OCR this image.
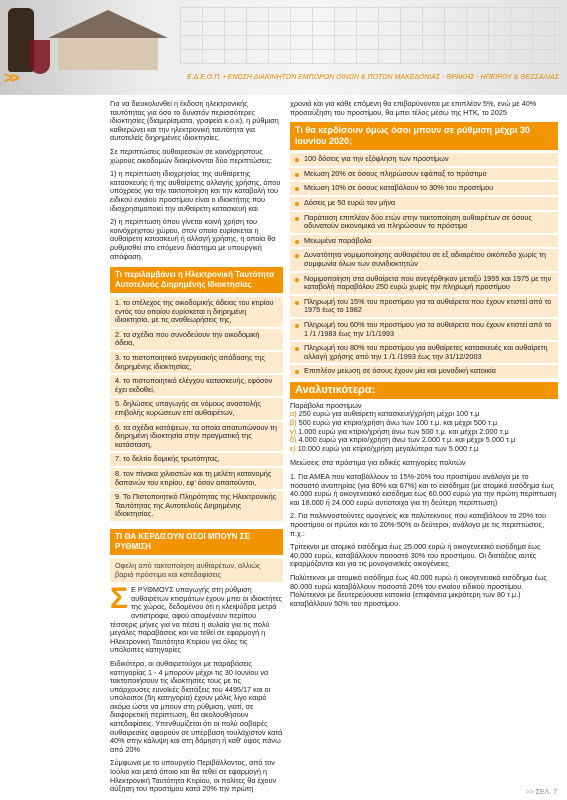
>>	Ε.Δ.Ε.Ο.Π. • ΕΝΩΣΗ ΔΙΑΚΙΝΗΤΩΝ ΕΜΠΟΡΩΝ ΟΙΝΩΝ & ΠΟΤΩΝ ΜΑΚΕΔΟΝΙΑΣ - ΘΡΑΚΗΣ - ΗΠΕΙΡΟΥ & ΘΕΣΣΑΛΙΑΣ

Για να διευκολυνθεί η έκδοση ηλεκτρονικής ταυτότητας για όσο το δυνατόν περισσότερες ιδιοκτησίες (διαμερίσματα, γραφεία κ.ο.κ), η ρύθμιση καθιερώνει και την ηλεκτρονική ταυτότητα για αυτοτελείς διηρημένες ιδιοκτησίες.

Σε περιπτώσεις αυθαιρεσιών σε κοινόχρηστους χώρους οικοδομών διακρίνονται δύο περιπτώσεις:

1) η περίπτωση ιδιοχρησίας της αυθαίρετης κατασκευής ή της αυθαίρετης αλλαγής χρήσης, όπου υπόχρεος για την τακτοποίηση και την καταβολή του ειδικού ενιαίου προστίμου είναι ο ιδιοκτήτης που ιδιοχρησιμοποιεί την αυθαίρετη κατασκευή και

2) η περίπτωση όπου γίνεται κοινή χρήση του κοινόχρηστου χώρου, στον οποίο ευρίσκεται η αυθαίρετη κατασκευή ή αλλαγή χρήσης, η οποία θα ρυθμισθεί στο επόμενο διάστημα με υπουργική απόφαση.

Τι περιλαμβάνει η Ηλεκτρονική Ταυτότητα Αυτοτελούς Διηρημένης Ιδιοκτησίας
1. το στέλεχος της οικοδομικής άδειας του κτιρίου εντός του οποίου ευρίσκεται η διηρημένη ιδιοκτησία, με τις αναθεωρήσεις της,
2. τα σχέδια που συνοδεύουν την οικοδομική άδεια,
3. το πιστοποιητικό ενεργειακής απόδοσης της διηρημένης ιδιοκτησίας,
4. το πιστοποιητικό ελέγχου κατασκευής, εφόσον έχει εκδοθεί,
5. δηλώσεις υπαγωγής σε νόμους αναστολής επιβολής κυρώσεων επί αυθαιρέτων,
6. τα σχέδια κατόψεων, τα οποία αποτυπώνουν τη διηρημένη ιδιοκτησία στην πραγματική της κατάσταση,
7. το δελτίο δομικής τρωτότητας,
8. τον πίνακα χιλιοστών και τη μελέτη κατανομής δαπανών του κτιρίου, εφ’ όσον απαιτούνται,
9. Το Πιστοποιητικό Πληρότητας της Ηλεκτρονικής Ταυτότητας της Αυτοτελούς Διηρημένης Ιδιοκτησίας.
ΤΙ ΘΑ ΚΕΡΔΙΣΟΥΝ ΟΣΟΙ ΜΠΟΥΝ ΣΕ ΡΥΘΜΙΣΗ
Οφελη από τακτοποίηση αυθαιρέτων, αλλιώς βαριά πρόστιμα και κατεδαφίσεις

Σ Ε ΡΥΘΜΟΥΣ υπαγωγής στη ρύθμιση αυθαιρέτων κτισμάτων έχουν μπει οι ιδιοκτήτες της χώρας, δεδομένου ότι η κλειψύδρα μετρά αντίστροφα, αφού απομένουν περίπου τέσσερις μήνες για να πέσει η αυλαία για τις πολύ μεγάλες παραβάσεις και να τεθεί σε εφαρμογή η Ηλεκτρονική Ταυτότητα Κτιρίου για όλες τις υπόλοιπες κατηγορίες

Ειδικότερα, οι αυθαιρετούχοι με παραβάσεις κατηγορίας 1 - 4 μπορούν μέχρι τις 30 Ιουνίου να τακτοποιήσουν τις ιδιοκτησίες τους με τις υπάρχουσες ευνοϊκές διατάξεις του 4495/17 και οι υπόλοιποι (5η κατηγορία) έχουν μόλις λίγο καιρό ακόμα ώστε να μπουν στη ρύθμιση, γιατί, σε διαφορετική περίπτωση, θα ακολουθήσουν κατεδαφίσεις. Υπενθυμίζεται ότι οι πολύ σοβαρές αυθαιρεσίες αφορούν σε υπέρβαση τουλάχιστον κατά 40% στην κάλυψη και στη δόμηση ή καθ' ύψος πάνω από 20%

Σύμφωνα με το υπουργείο Περιβάλλοντος, από τον Ιούλιο και μετά όποιο και θα τεθεί σε εφαρμογή η Ηλεκτρονική Ταυτότητα Κτιρίου, οι πολίτες θα έχουν αύξηση του προστίμου κατά 20% την πρώτη

χρονιά και για κάθε επόμενη θα επιβαρύνονται με επιπλέον 5%, ενώ με 40% προσαύξηση του προστίμου, θα μπει τέλος μέσω της ΗΤΚ, το 2025

Τι θα κερδίσουν όμως όσοι μπουν σε ρύθμιση μέχρι 30 Ιουνίου 2020;
100 δόσεις για την εξόφληση των προστίμων
Μείωση 20% σε όσους πληρώσουν εφάπαξ το πρόστιμο
Μείωση 10% σε όσους καταβάλουν το 30% του προστίμου
Δόσεις με 50 ευρώ τον μήνα
Παράταση επιπλέον δύο ετών στην τακτοποίηση αυθαιρέτων σε όσους αδυνατούν οικονομικά να πληρώσουν το πρόστιμο
Μειωμένα παράβολα
Δυνατότητα νομιμοποίησης αυθαιρέτου σε εξ αδιαιρέτου οικόπεδο χωρίς τη συμφωνία όλων των συνιδιοκτητών
Νομιμοποίηση στα αυθαίρετα που ανεγέρθηκαν μεταξύ 1955 και 1975 με την καταβολή παραβόλου 250 ευρώ χωρίς την πληρωμή προστίμου
Πληρωμή του 15% του προστίμου για τα αυθαίρετα που έχουν κτιστεί από το 1975 έως το 1982
Πληρωμή του 60% του προστίμου για τα αυθαίρετα που έχουν κτιστεί από το 1 /1 /1983 έως την 1/1/1993
Πληρωμή του 80% του προστίμου για αυθαίρετες κατασκευές και αυθαίρετη αλλαγή χρήσης από την 1 /1 /1993 έως την 31/12/2003
Επιπλέον μείωση σε όσους έχουν μία και μοναδική κατοικία
Αναλυτικότερα:

Παράβολα προστίμων

α) 250 ευρώ για αυθαίρετη κατασκευή/χρήση μέχρι 100 τ.μ
β) 500 ευρώ για κτίριο/χρήση άνω των 100 τ.μ. και μέχρι 500 τ.μ
γ) 1.000 ευρώ για κτίριο/χρήση άνω των 500 τ.μ. και μέχρι 2.000 τ.μ
δ) 4.000 ευρώ για κτίριο/χρήση άνω των 2.000 τ.μ. και μέχρι 5.000 τ.μ
ε) 10.000 ευρώ για κτίριο/χρήση μεγαλύτερα των 5.000 τ.μ

Μειώσεις στα πρόστιμα για ειδικές κατηγορίες πολιτών

1. Για ΑΜΕΑ που καταβάλλουν το 15%-20% του προστίμου ανάλογα με το ποσοστό αναπηρίας (για 80% και 67%) και το εισόδημα (με ατομικό εισόδημα έως 40.000 ευρώ ή οικογενειακό εισόδημα έως 60.000 ευρώ για την πρώτη περίπτωση και 18.000 ή 24.000 ευρώ αντίστοιχα για τη δεύτερη περίπτωση)

2. Για παλιννοστούντες ομογενείς και πολύτεκνους που καταβάλουν το 20% του προστίμου οι πρώτοι και το 20%-50% οι δεύτεροι, ανάλογα με τις περιπτώσεις, π.χ.:

Τρίτεκνοι με ατομικό εισόδημα έως 25.000 ευρώ ή οικογενειακό εισόδημα έως 40.000 ευρώ, καταβάλλουν ποσοστό 30% του προστίμου. Οι διατάξεις αυτές εφαρμόζονται και για τις μονογονεϊκές οικογένειες

Πολύτεκνοι με ατομικό εισόδημα έως 40.000 ευρώ ή οικογενειακό εισόδημα έως 80.000 ευρώ καταβάλλουν ποσοστό 20% του ενιαίου ειδικού προστίμου. Πολύτεκνοι με δευτερεύουσα κατοικία (επιφάνεια μικρότερη των 80 τ.μ.) καταβάλλουν 50% του προστίμου.

>> ΣΕΛ. 7
